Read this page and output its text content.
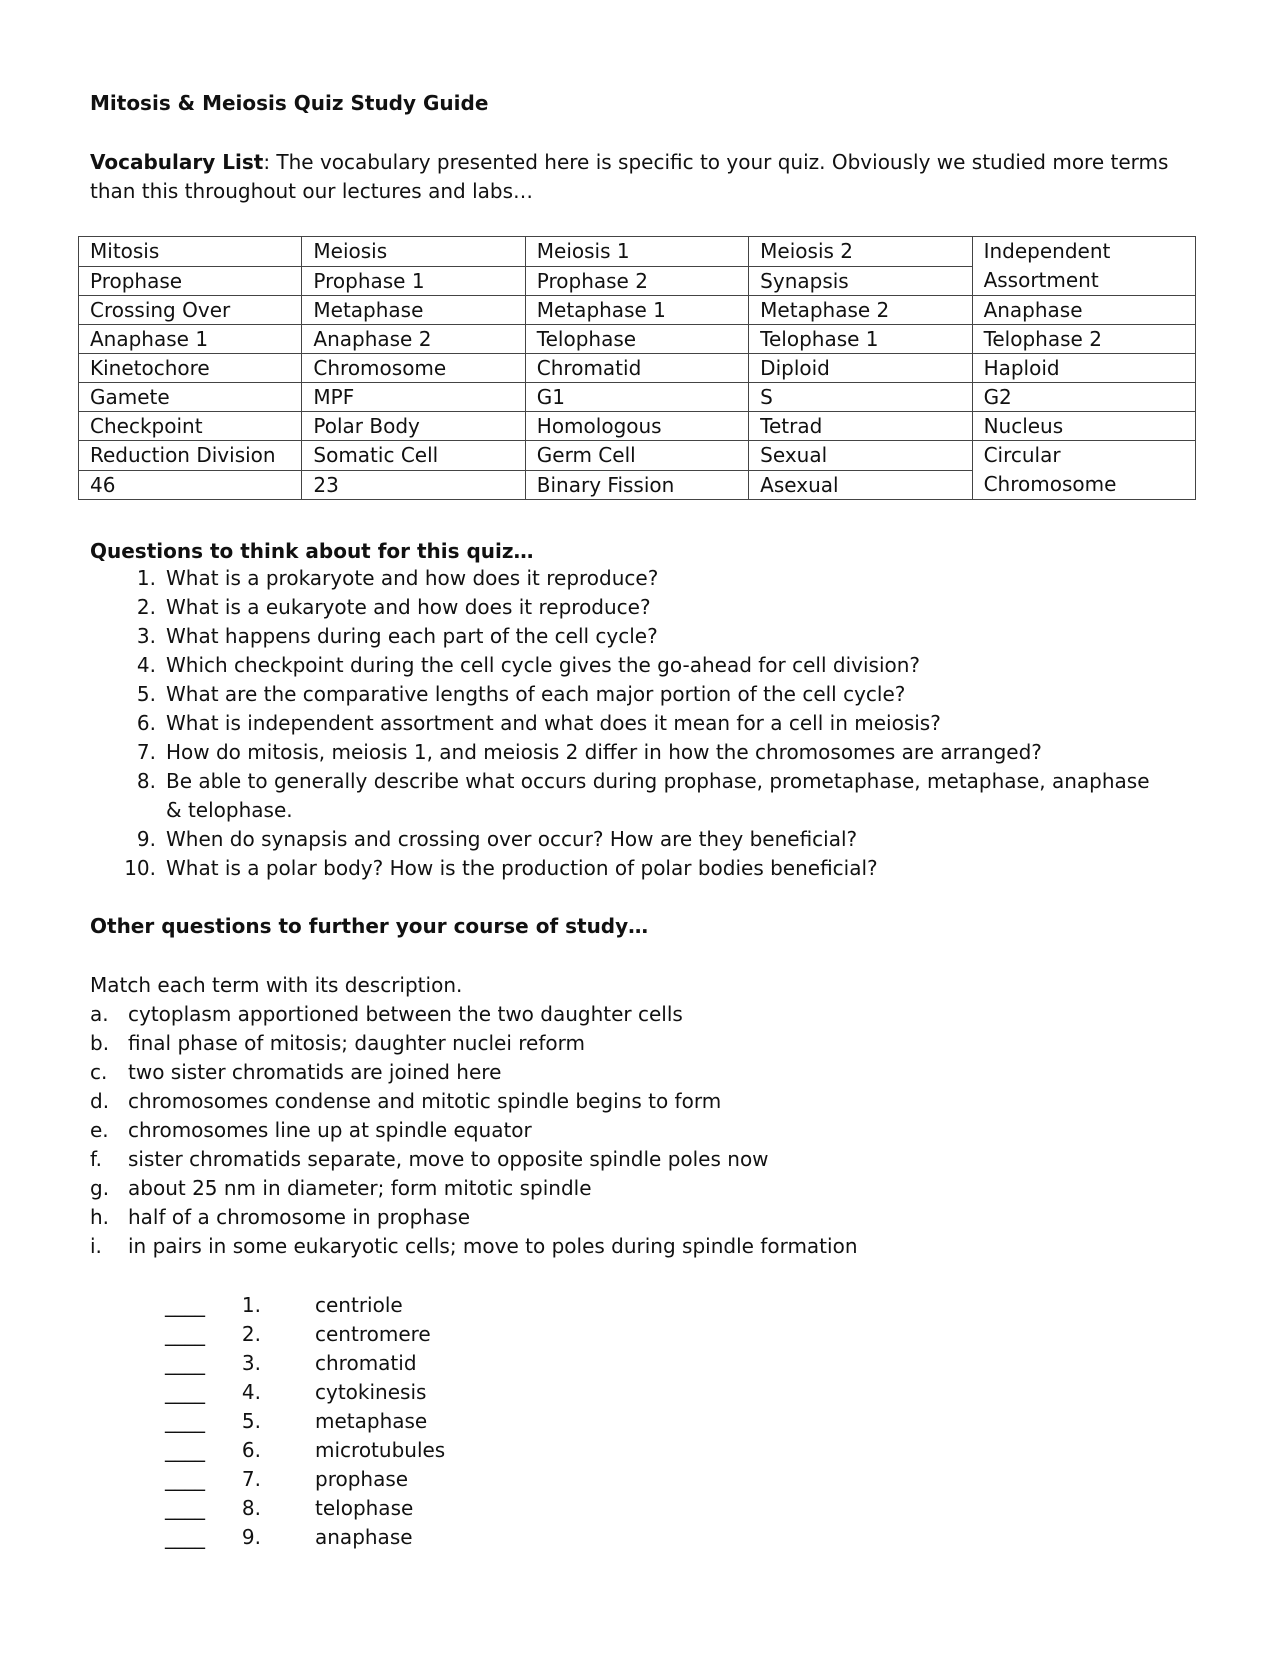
Mitosis & Meiosis Quiz Study Guide
Vocabulary List: The vocabulary presented here is specific to your quiz. Obviously we studied more terms than this throughout our lectures and labs…
Mitosis	Meiosis	Meiosis 1	Meiosis 2	Independent Assortment
Prophase	Prophase 1	Prophase 2	Synapsis	
Crossing Over	Metaphase	Metaphase 1	Metaphase 2	Anaphase
Anaphase 1	Anaphase 2	Telophase	Telophase 1	Telophase 2
Kinetochore	Chromosome	Chromatid	Diploid	Haploid
Gamete	MPF	G1	S	G2
Checkpoint	Polar Body	Homologous	Tetrad	Nucleus
Reduction Division	Somatic Cell	Germ Cell	Sexual	Circular Chromosome
46	23	Binary Fission	Asexual	
Questions to think about for this quiz…
1. What is a prokaryote and how does it reproduce?
2. What is a eukaryote and how does it reproduce?
3. What happens during each part of the cell cycle?
4. Which checkpoint during the cell cycle gives the go-ahead for cell division?
5. What are the comparative lengths of each major portion of the cell cycle?
6. What is independent assortment and what does it mean for a cell in meiosis?
7. How do mitosis, meiosis 1, and meiosis 2 differ in how the chromosomes are arranged?
8. Be able to generally describe what occurs during prophase, prometaphase, metaphase, anaphase & telophase.
9. When do synapsis and crossing over occur? How are they beneficial?
10. What is a polar body? How is the production of polar bodies beneficial?
Other questions to further your course of study…
Match each term with its description.
a. cytoplasm apportioned between the two daughter cells
b. final phase of mitosis; daughter nuclei reform
c. two sister chromatids are joined here
d. chromosomes condense and mitotic spindle begins to form
e. chromosomes line up at spindle equator
f. sister chromatids separate, move to opposite spindle poles now
g. about 25 nm in diameter; form mitotic spindle
h. half of a chromosome in prophase
i. in pairs in some eukaryotic cells; move to poles during spindle formation
____	1.	centriole
____	2.	centromere
____	3.	chromatid
____	4.	cytokinesis
____	5.	metaphase
____	6.	microtubules
____	7.	prophase
____	8.	telophase
____	9.	anaphase
